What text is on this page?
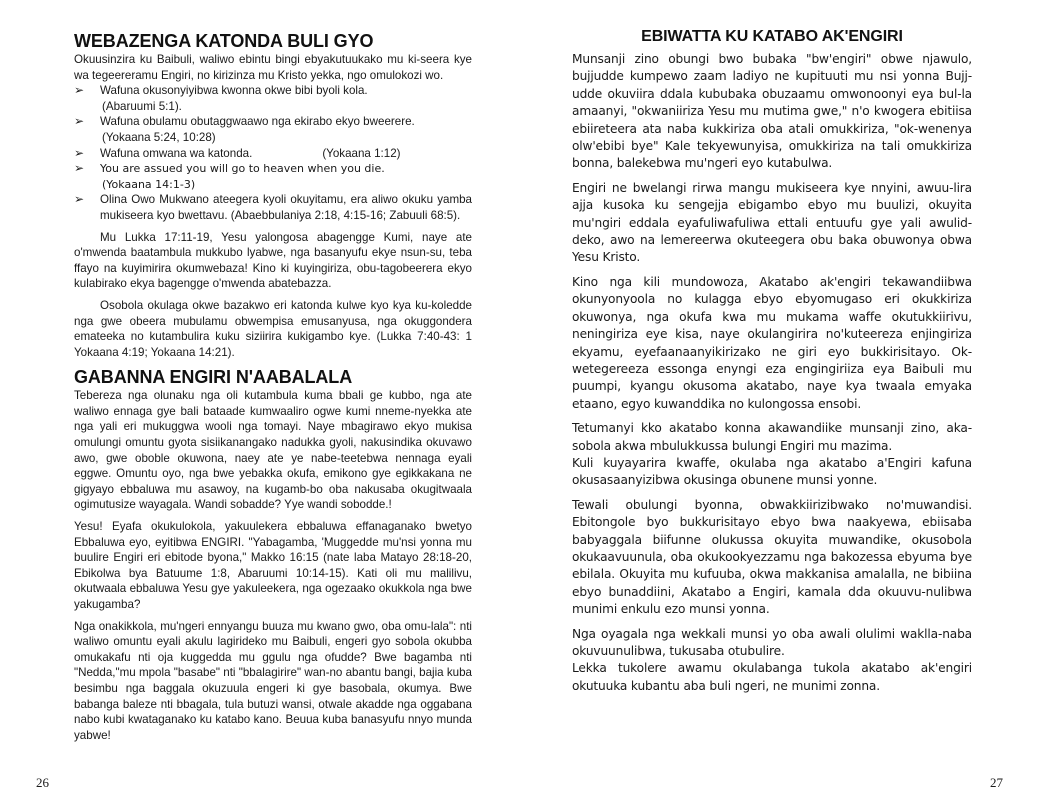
WEBAZENGA KATONDA BULI GYO

Okuusinzira ku Baibuli, waliwo ebintu bingi ebyakutuukako mu ki-seera kye wa tegeereramu Engiri, no kirizinza mu Kristo yekka, ngo omulokozi wo.

➢ Wafuna okusonyiyibwa kwonna okwe bibi byoli kola.
(Abaruumi 5:1).
➢ Wafuna obulamu obutaggwaawo nga ekirabo ekyo bweerere.
(Yokaana 5:24, 10:28)
➢ Wafuna omwana wa katonda.	(Yokaana 1:12)
➢ You are assued you will go to heaven when you die.
(Yokaana 14:1-3)
➢ Olina Owo Mukwano ateegera kyoli okuyitamu, era aliwo okuku yamba mukiseera kyo bwettavu. (Abaebbulaniya 2:18, 4:15-16; Zabuuli 68:5).

Mu Lukka 17:11-19, Yesu yalongosa abagengge Kumi, naye ate o'mwenda baatambula mukkubo lyabwe, nga basanyufu ekye nsun-su, teba ffayo na kuyimirira okumwebaza! Kino ki kuyingiriza, obu-tagobeerera ekyo kulabirako ekya bagengge o'mwenda abatebazza.

Osobola okulaga okwe bazakwo eri katonda kulwe kyo kya ku-koledde nga gwe obeera mubulamu obwempisa emusanyusa, nga okuggondera emateeka no kutambulira kuku siziirira kukigambo kye. (Lukka 7:40-43: 1 Yokaana 4:19; Yokaana 14:21).

GABANNA ENGIRI N'AABALALA

Tebereza nga olunaku nga oli kutambula kuma bbali ge kubbo, nga ate waliwo ennaga gye bali bataade kumwaaliro ogwe kumi nneme-nyekka ate nga yali eri mukuggwa wooli nga tomayi. Naye mbagirawo ekyo mukisa omulungi omuntu gyota sisiikanangako nadukka gyoli, nakusindika okuvawo awo, gwe oboble okuwona, naey ate ye nabe-teetebwa nennaga eyali eggwe. Omuntu oyo, nga bwe yebakka okufa, emikono gye egikkakana ne gigyayo ebbaluwa mu asawoy, na kugamb-bo oba nakusaba okugitwaala ogimutusize wayagala. Wandi sobadde? Yye wandi sobodde.!

Yesu! Eyafa okukulokola, yakuulekera ebbaluwa effanaganako bwetyo Ebbaluwa eyo, eyitibwa ENGIRI. "Yabagamba, 'Muggedde mu'nsi yonna mu buulire Engiri eri ebitode byona," Makko 16:15 (nate laba Matayo 28:18-20, Ebikolwa bya Batuume 1:8, Abaruumi 10:14-15). Kati oli mu malilivu, okutwaala ebbaluwa Yesu gye yakuleekera, nga ogezaako okukkola nga bwe yakugamba?

Nga onakikkola, mu'ngeri ennyangu buuza mu kwano gwo, oba omu-lala": nti waliwo omuntu eyali akulu lagirideko mu Baibuli, engeri gyo sobola okubba omukakafu nti oja kuggedda mu ggulu nga ofudde? Bwe bagamba nti "Nedda,"mu mpola "basabe" nti "bbalagirire" wan-no abantu bangi, bajia kuba besimbu nga baggala okuzuula engeri ki gye basobala, okumya. Bwe babanga baleze nti bbagala, tula butuzi wansi, otwale akadde nga oggabana nabo kubi kwataganako ku katabo kano. Beuua kuba banasyufu nnyo munda yabwe!

EBIWATTA KU KATABO AK'ENGIRI

Munsanji zino obungi bwo bubaka "bw'engiri" obwe njawulo, bujjudde kumpewo zaam ladiyo ne kupituuti mu nsi yonna Bujj-udde okuviira ddala kububaka obuzaamu omwonoonyi eya bul-la amaanyi, "okwaniiriza Yesu mu mutima gwe," n'o kwogera ebitiisa ebiireteera ata naba kukkiriza oba atali omukkiriza, "ok-wenenya olw'ebibi bye" Kale tekyewunyisa, omukkiriza na tali omukkiriza bonna, balekebwa mu'ngeri eyo kutabulwa.

Engiri ne bwelangi rirwa mangu mukiseera kye nnyini, awuu-lira ajja kusoka ku sengejja ebigambo ebyo mu buulizi, okuyita mu'ngiri eddala eyafuliwafuliwa ettali entuufu gye yali awulid-deko, awo na lemereerwa okuteegera obu baka obuwonya obwa Yesu Kristo.

Kino nga kili mundowoza, Akatabo ak'engiri tekawandiibwa okunyonyoola no kulagga ebyo ebyomugaso eri okukkiriza okuwonya, nga okufa kwa mu mukama waffe okutukkiirivu, neningiriza eye kisa, naye okulangirira no'kuteereza enjingiriza ekyamu, eyefaanaanyikirizako ne giri eyo bukkirisitayo. Ok-wetegereeza essonga enyngi eza engingiriiza eya Baibuli mu puumpi, kyangu okusoma akatabo, naye kya twaala emyaka etaano, egyo kuwanddika no kulongossa ensobi.

Tetumanyi kko akatabo konna akawandiike munsanji zino, aka-sobola akwa mbulukkussa bulungi Engiri mu mazima.

Kuli kuyayarira kwaffe, okulaba nga akatabo a'Engiri kafuna okusasaanyizibwa okusinga obunene munsi yonne.

Tewali obulungi byonna, obwakkiirizibwako no'muwandisi. Ebitongole byo bukkurisitayo ebyo bwa naakyewa, ebiisaba babyaggala biifunne olukussa okuyita muwandike, okusobola okukaavuunula, oba okukookyezzamu nga bakozessa ebyuma bye ebilala. Okuyita mu kufuuba, okwa makkanisa amalalla, ne bibiina ebyo bunaddiini, Akatabo a Engiri, kamala dda okuuvu-nulibwa munimi enkulu ezo munsi yonna.

Nga oyagala nga wekkali munsi yo oba awali olulimi waklla-naba okuvuunulibwa, tukusaba otubulire.

Lekka tukolere awamu okulabanga tukola akatabo ak'engiri okutuuka kubantu aba buli ngeri, ne munimi zonna.

26	27
